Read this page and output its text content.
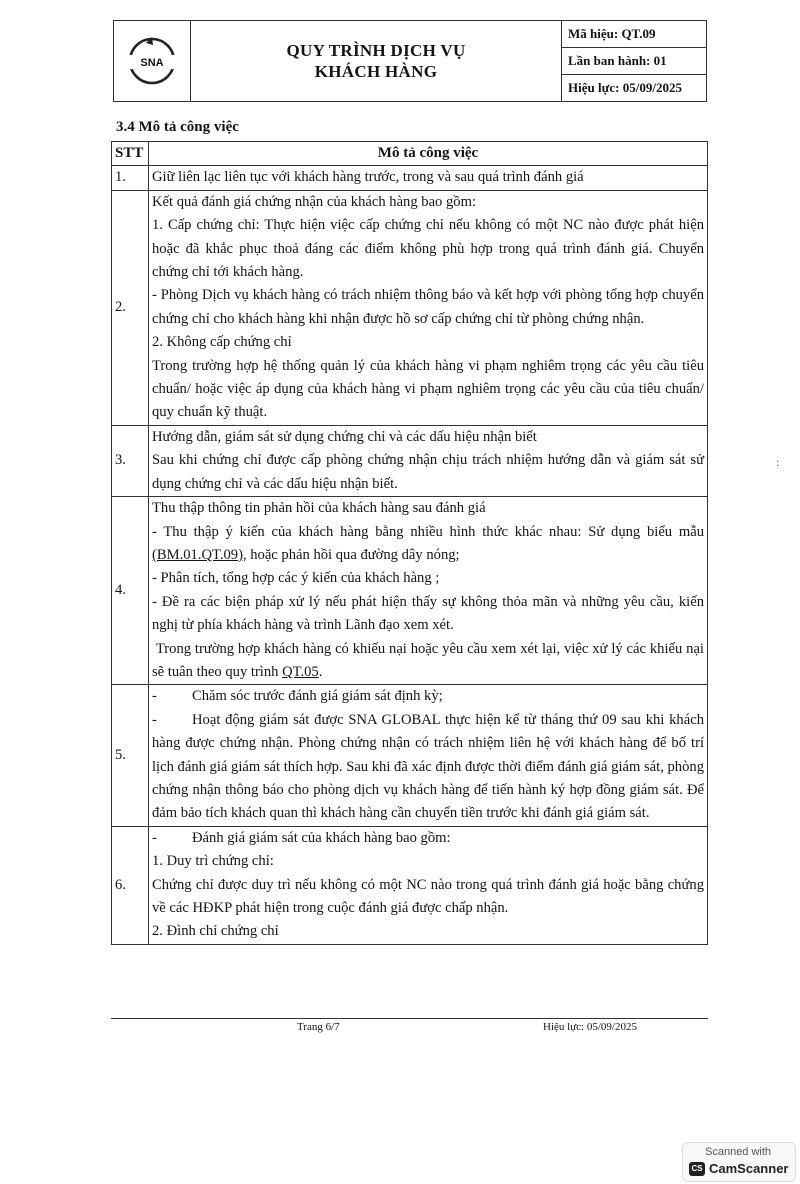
SNA
QUY TRÌNH DỊCH VỤ
KHÁCH HÀNG
Mã hiệu: QT.09
Lần ban hành: 01
Hiệu lực: 05/09/2025
3.4 Mô tả công việc
STT	Mô tả công việc
1.	Giữ liên lạc liên tục với khách hàng trước, trong và sau quá trình đánh giá

2.	Kết quả đánh giá chứng nhận của khách hàng bao gồm:
1. Cấp chứng chỉ: Thực hiện việc cấp chứng chỉ nếu không có một NC nào được phát hiện hoặc đã khắc phục thoả đáng các điểm không phù hợp trong quá trình đánh giá. Chuyển chứng chỉ tới khách hàng.
- Phòng Dịch vụ khách hàng có trách nhiệm thông báo và kết hợp với phòng tổng hợp chuyển chứng chỉ cho khách hàng khi nhận được hồ sơ cấp chứng chỉ từ phòng chứng nhận.
2. Không cấp chứng chỉ
Trong trường hợp hệ thống quản lý của khách hàng vi phạm nghiêm trọng các yêu cầu tiêu chuẩn/ hoặc việc áp dụng của khách hàng vi phạm nghiêm trọng các yêu cầu của tiêu chuẩn/ quy chuẩn kỹ thuật.

3.	Hướng dẫn, giám sát sử dụng chứng chỉ và các dấu hiệu nhận biết
Sau khi chứng chỉ được cấp phòng chứng nhận chịu trách nhiệm hướng dẫn và giám sát sử dụng chứng chỉ và các dấu hiệu nhận biết.

4.	Thu thập thông tin phản hồi của khách hàng sau đánh giá
- Thu thập ý kiến của khách hàng bằng nhiều hình thức khác nhau: Sử dụng biểu mẫu (BM.01.QT.09), hoặc phản hồi qua đường dây nóng;
- Phân tích, tổng hợp các ý kiến của khách hàng ;
- Đề ra các biện pháp xử lý nếu phát hiện thấy sự không thỏa mãn và những yêu cầu, kiến nghị từ phía khách hàng và trình Lãnh đạo xem xét.
Trong trường hợp khách hàng có khiếu nại hoặc yêu cầu xem xét lại, việc xử lý các khiếu nại sẽ tuân theo quy trình QT.05.

5.	- Chăm sóc trước đánh giá giám sát định kỳ;
- Hoạt động giám sát được SNA GLOBAL thực hiện kể từ tháng thứ 09 sau khi khách hàng được chứng nhận. Phòng chứng nhận có trách nhiệm liên hệ với khách hàng để bố trí lịch đánh giá giám sát thích hợp. Sau khi đã xác định được thời điểm đánh giá giám sát, phòng chứng nhận thông báo cho phòng dịch vụ khách hàng để tiến hành ký hợp đồng giám sát. Để đảm bảo tích khách quan thì khách hàng cần chuyển tiền trước khi đánh giá giám sát.

6.	- Đánh giá giám sát của khách hàng bao gồm:
1. Duy trì chứng chỉ:
Chứng chỉ được duy trì nếu không có một NC nào trong quá trình đánh giá hoặc bằng chứng về các HĐKP phát hiện trong cuộc đánh giá được chấp nhận.
2. Đình chỉ chứng chỉ
Trang 6/7	Hiệu lực: 05/09/2025
:
Scanned with
CS CamScanner
